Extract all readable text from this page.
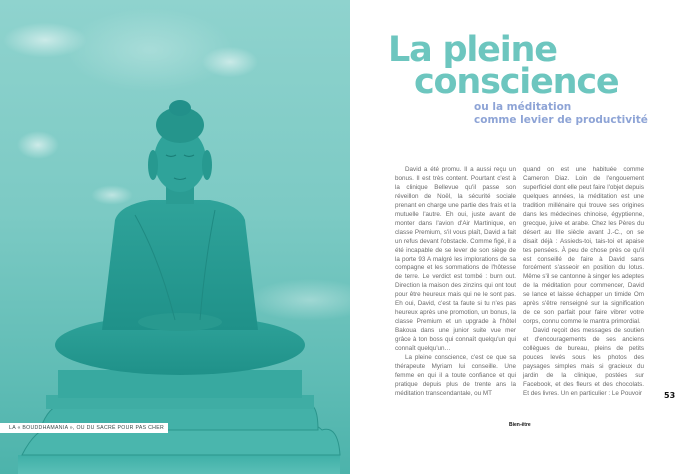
LA « BOUDDHAMANIA », OU DU SACRÉ POUR PAS CHER
La pleine
conscience
ou la méditation
comme levier de productivité

David a été promu. Il a aussi reçu un bonus. Il est très content. Pourtant c'est à la clinique Bellevue qu'il passe son réveillon de Noël, la sécurité sociale prenant en charge une partie des frais et la mutuelle l'autre. Eh oui, juste avant de monter dans l'avion d'Air Martinique, en classe Premium, s'il vous plaît, David a fait un refus devant l'obstacle. Comme figé, il a été incapable de se lever de son siège de la porte 93 A malgré les implorations de sa compagne et les sommations de l'hôtesse de terre. Le verdict est tombé : burn out. Direction la maison des zinzins qui ont tout pour être heureux mais qui ne le sont pas. Eh oui, David, c'est ta faute si tu n'es pas heureux après une promotion, un bonus, la classe Premium et un upgrade à l'hôtel Bakoua dans une junior suite vue mer grâce à ton boss qui connaît quelqu'un qui connaît quelqu'un…

La pleine conscience, c'est ce que sa thérapeute Myriam lui conseille. Une femme en qui il a toute confiance et qui pratique depuis plus de trente ans la méditation transcendantale, ou MT

quand on est une habituée comme Cameron Diaz. Loin de l'engouement superficiel dont elle peut faire l'objet depuis quelques années, la méditation est une tradition millénaire qui trouve ses origines dans les médecines chinoise, égyptienne, grecque, juive et arabe. Chez les Pères du désert au IIIe siècle avant J.-C., on se disait déjà : Assieds-toi, tais-toi et apaise tes pensées. À peu de chose près ce qu'il est conseillé de faire à David sans forcément s'asseoir en position du lotus. Même s'il se cantonne à singer les adeptes de la méditation pour commencer, David se lance et laisse échapper un timide Om après s'être renseigné sur la signification de ce son parfait pour faire vibrer votre corps, connu comme le mantra primordial.

David reçoit des messages de soutien et d'encouragements de ses anciens collègues de bureau, pleins de petits pouces levés sous les photos des paysages simples mais si gracieux du jardin de la clinique, postées sur Facebook, et des fleurs et des chocolats. Et des livres. Un en particulier : Le Pouvoir

Bien-être
53
